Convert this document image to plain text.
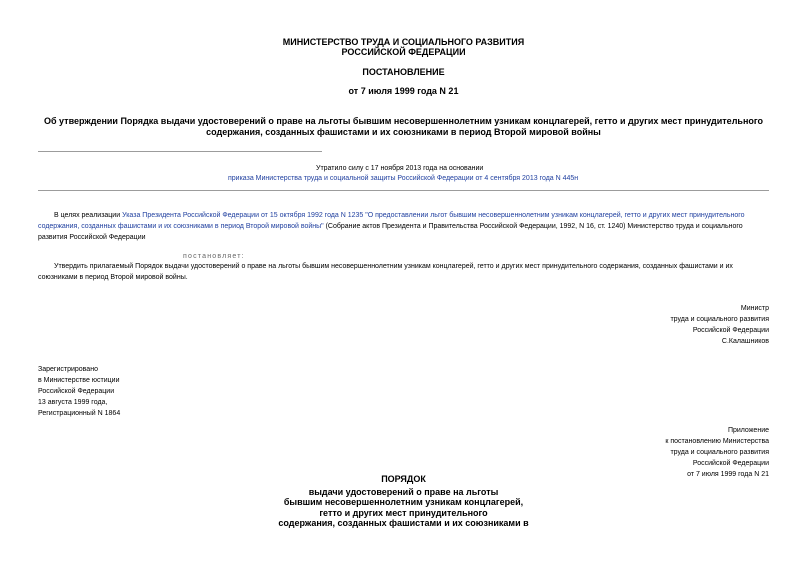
МИНИСТЕРСТВО ТРУДА И СОЦИАЛЬНОГО РАЗВИТИЯ
РОССИЙСКОЙ ФЕДЕРАЦИИ
ПОСТАНОВЛЕНИЕ
от 7 июля 1999 года N 21
Об утверждении Порядка выдачи удостоверений о праве на льготы бывшим несовершеннолетним узникам концлагерей, гетто и других мест принудительного
содержания, созданных фашистами и их союзниками в период Второй мировой войны
Утратило силу с 17 ноября 2013 года на основании
приказа Министерства труда и социальной защиты Российской Федерации от 4 сентября 2013 года N 445н
В целях реализации Указа Президента Российской Федерации от 15 октября 1992 года N 1235 "О предоставлении льгот бывшим несовершеннолетним узникам концлагерей, гетто и других мест принудительного
содержания, созданных фашистами и их союзниками в период Второй мировой войны" (Собрание актов Президента и Правительства Российской Федерации, 1992, N 16, ст. 1240) Министерство труда и социального
развития Российской Федерации
постановляет:
Утвердить прилагаемый Порядок выдачи удостоверений о праве на льготы бывшим несовершеннолетним узникам концлагерей, гетто и других мест принудительного содержания, созданных фашистами и их
союзниками в период Второй мировой войны.
Министр
труда и социального развития
Российской Федерации
С.Калашников
Зарегистрировано
в Министерстве юстиции
Российской Федерации
13 августа 1999 года,
Регистрационный N 1864
Приложение
к постановлению Министерства
труда и социального развития
Российской Федерации
от 7 июля 1999 года N 21
ПОРЯДОК
выдачи удостоверений о праве на льготы
бывшим несовершеннолетним узникам концлагерей,
гетто и других мест принудительного
содержания, созданных фашистами и их союзниками в
